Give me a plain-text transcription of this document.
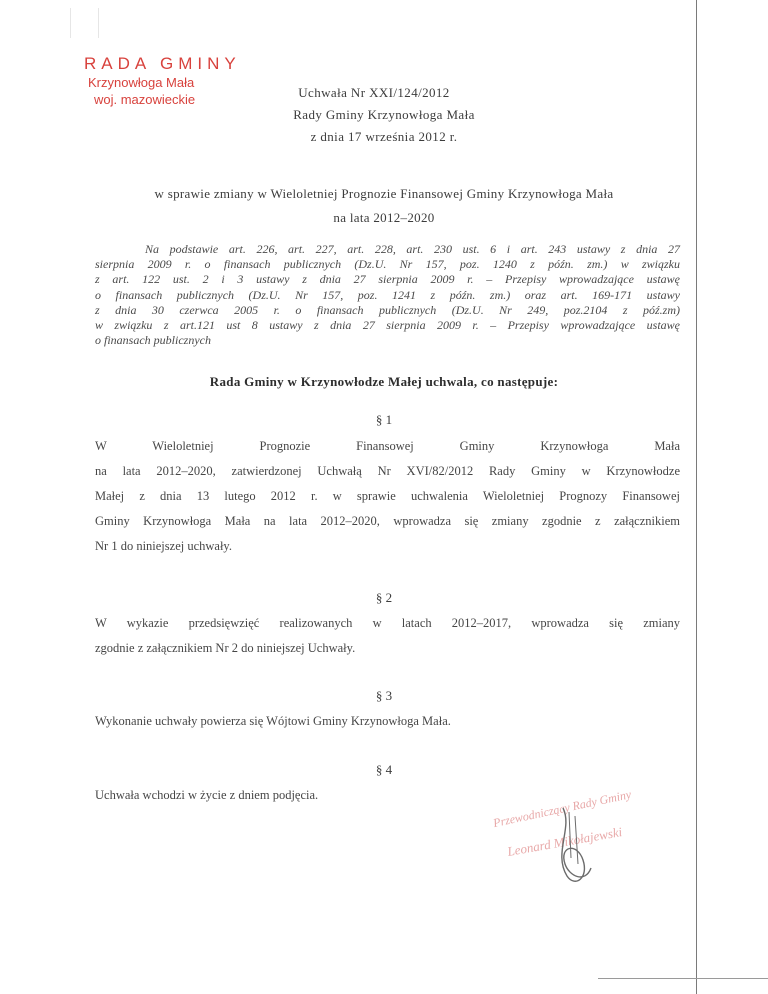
RADA GMINY
Krzynowłoga Mała
woj. mazowieckie	Uchwała Nr XXI/124/2012
Rady Gminy Krzynowłoga Mała
z dnia 17 września 2012 r.
w sprawie zmiany w Wieloletniej Prognozie Finansowej Gminy Krzynowłoga Mała
na lata 2012–2020
Na podstawie art. 226, art. 227, art. 228, art. 230 ust. 6 i art. 243 ustawy z dnia 27
sierpnia 2009 r. o finansach publicznych (Dz.U. Nr 157, poz. 1240 z późn. zm.) w związku
z art. 122 ust. 2 i 3 ustawy z dnia 27 sierpnia 2009 r. – Przepisy wprowadzające ustawę
o finansach publicznych (Dz.U. Nr 157, poz. 1241 z późn. zm.) oraz art. 169-171 ustawy
z dnia 30 czerwca 2005 r. o finansach publicznych (Dz.U. Nr 249, poz.2104 z póź.zm)
w związku z art.121 ust 8 ustawy z dnia 27 sierpnia 2009 r. – Przepisy wprowadzające ustawę
o finansach publicznych
Rada Gminy w Krzynowłodze Małej uchwala, co następuje:
§ 1
W Wieloletniej Prognozie Finansowej Gminy Krzynowłoga Mała
na lata 2012–2020, zatwierdzonej Uchwałą Nr XVI/82/2012 Rady Gminy w Krzynowłodze
Małej z dnia 13 lutego 2012 r. w sprawie uchwalenia Wieloletniej Prognozy Finansowej
Gminy Krzynowłoga Mała na lata 2012–2020, wprowadza się zmiany zgodnie z załącznikiem
Nr 1 do niniejszej uchwały.
§ 2
W wykazie przedsięwzięć realizowanych w latach 2012–2017, wprowadza się zmiany
zgodnie z załącznikiem Nr 2 do niniejszej Uchwały.
§ 3
Wykonanie uchwały powierza się Wójtowi Gminy Krzynowłoga Mała.
§ 4
Uchwała wchodzi w życie z dniem podjęcia.	Przewodniczący Rady Gminy
Leonard Mikołajewski
